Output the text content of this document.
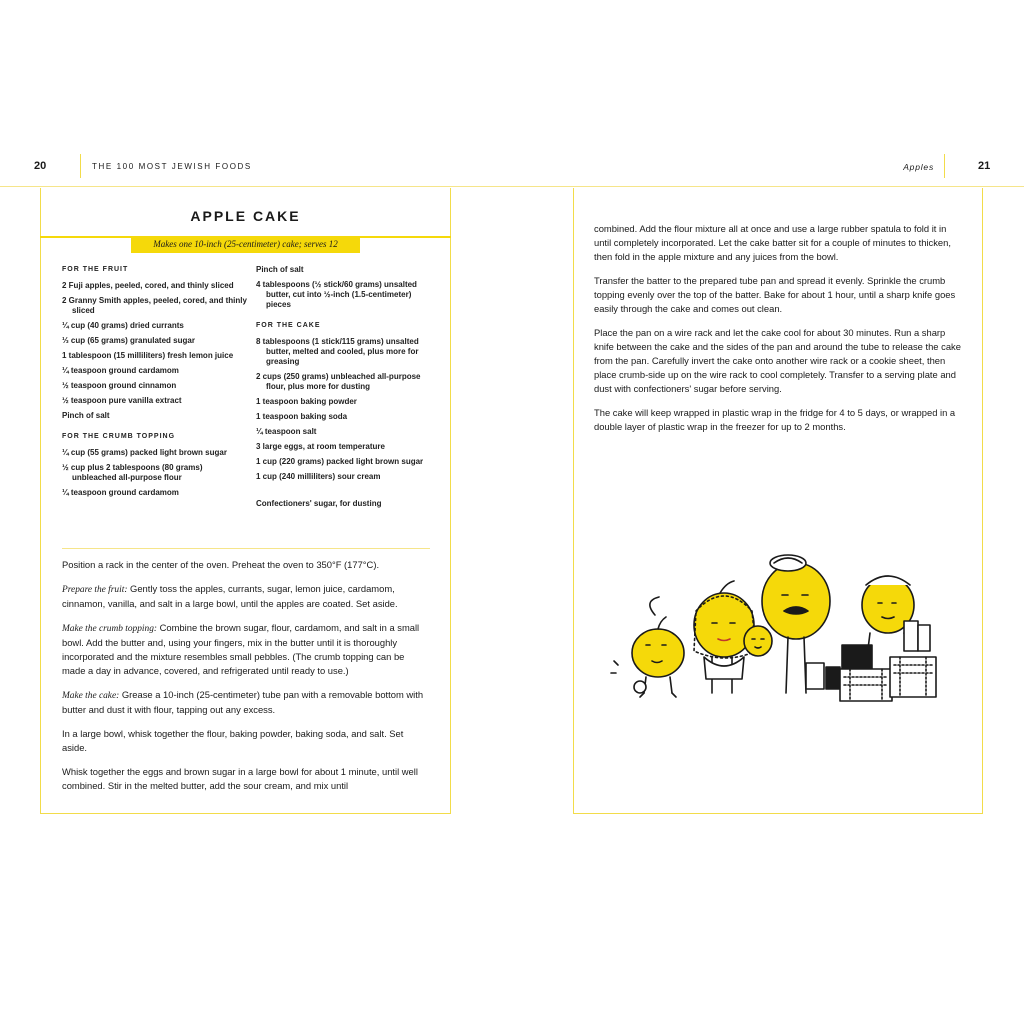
20	THE 100 MOST JEWISH FOODS	Apples	21
APPLE CAKE
Makes one 10-inch (25-centimeter) cake; serves 12
FOR THE FRUIT
2 Fuji apples, peeled, cored, and thinly sliced
2 Granny Smith apples, peeled, cored, and thinly sliced
¼ cup (40 grams) dried currants
⅓ cup (65 grams) granulated sugar
1 tablespoon (15 milliliters) fresh lemon juice
¼ teaspoon ground cardamom
½ teaspoon ground cinnamon
½ teaspoon pure vanilla extract
Pinch of salt
FOR THE CRUMB TOPPING
¼ cup (55 grams) packed light brown sugar
½ cup plus 2 tablespoons (80 grams) unbleached all-purpose flour
¼ teaspoon ground cardamom
Pinch of salt
4 tablespoons (½ stick/60 grams) unsalted butter, cut into ½-inch (1.5-centimeter) pieces
FOR THE CAKE
8 tablespoons (1 stick/115 grams) unsalted butter, melted and cooled, plus more for greasing
2 cups (250 grams) unbleached all-purpose flour, plus more for dusting
1 teaspoon baking powder
1 teaspoon baking soda
¼ teaspoon salt
3 large eggs, at room temperature
1 cup (220 grams) packed light brown sugar
1 cup (240 milliliters) sour cream
Confectioners' sugar, for dusting

Position a rack in the center of the oven. Preheat the oven to 350°F (177°C).

Prepare the fruit: Gently toss the apples, currants, sugar, lemon juice, cardamom, cinnamon, vanilla, and salt in a large bowl, until the apples are coated. Set aside.

Make the crumb topping: Combine the brown sugar, flour, cardamom, and salt in a small bowl. Add the butter and, using your fingers, mix in the butter until it is thoroughly incorporated and the mixture resembles small pebbles. (The crumb topping can be made a day in advance, covered, and refrigerated until ready to use.)

Make the cake: Grease a 10-inch (25-centimeter) tube pan with a removable bottom with butter and dust it with flour, tapping out any excess.

In a large bowl, whisk together the flour, baking powder, baking soda, and salt. Set aside.

Whisk together the eggs and brown sugar in a large bowl for about 1 minute, until well combined. Stir in the melted butter, add the sour cream, and mix until

combined. Add the flour mixture all at once and use a large rubber spatula to fold it in until completely incorporated. Let the cake batter sit for a couple of minutes to thicken, then fold in the apple mixture and any juices from the bowl.

Transfer the batter to the prepared tube pan and spread it evenly. Sprinkle the crumb topping evenly over the top of the batter. Bake for about 1 hour, until a sharp knife goes easily through the cake and comes out clean.

Place the pan on a wire rack and let the cake cool for about 30 minutes. Run a sharp knife between the cake and the sides of the pan and around the tube to release the cake from the pan. Carefully invert the cake onto another wire rack or a cookie sheet, then place crumb-side up on the wire rack to cool completely. Transfer to a serving plate and dust with confectioners' sugar before serving.

The cake will keep wrapped in plastic wrap in the fridge for 4 to 5 days, or wrapped in a double layer of plastic wrap in the freezer for up to 2 months.
